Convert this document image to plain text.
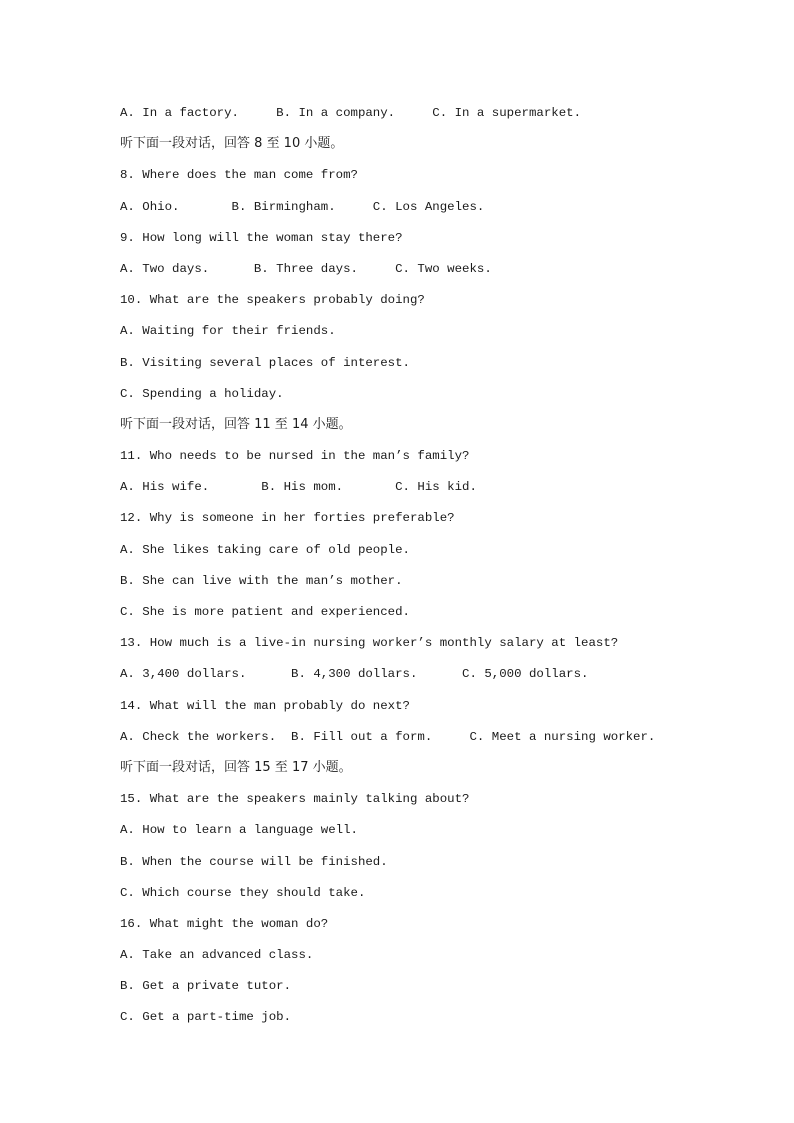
A. In a factory.     B. In a company.     C. In a supermarket.
听下面一段对话，回答 8 至 10 小题。
8. Where does the man come from?
A. Ohio.       B. Birmingham.     C. Los Angeles.
9. How long will the woman stay there?
A. Two days.      B. Three days.     C. Two weeks.
10. What are the speakers probably doing?
A. Waiting for their friends.
B. Visiting several places of interest.
C. Spending a holiday.
听下面一段对话，回答 11 至 14 小题。
11. Who needs to be nursed in the man’s family?
A. His wife.       B. His mom.       C. His kid.
12. Why is someone in her forties preferable?
A. She likes taking care of old people.
B. She can live with the man’s mother.
C. She is more patient and experienced.
13. How much is a live-in nursing worker’s monthly salary at least?
A. 3,400 dollars.      B. 4,300 dollars.      C. 5,000 dollars.
14. What will the man probably do next?
A. Check the workers.  B. Fill out a form.     C. Meet a nursing worker.
听下面一段对话，回答 15 至 17 小题。
15. What are the speakers mainly talking about?
A. How to learn a language well.
B. When the course will be finished.
C. Which course they should take.
16. What might the woman do?
A. Take an advanced class.
B. Get a private tutor.
C. Get a part-time job.
